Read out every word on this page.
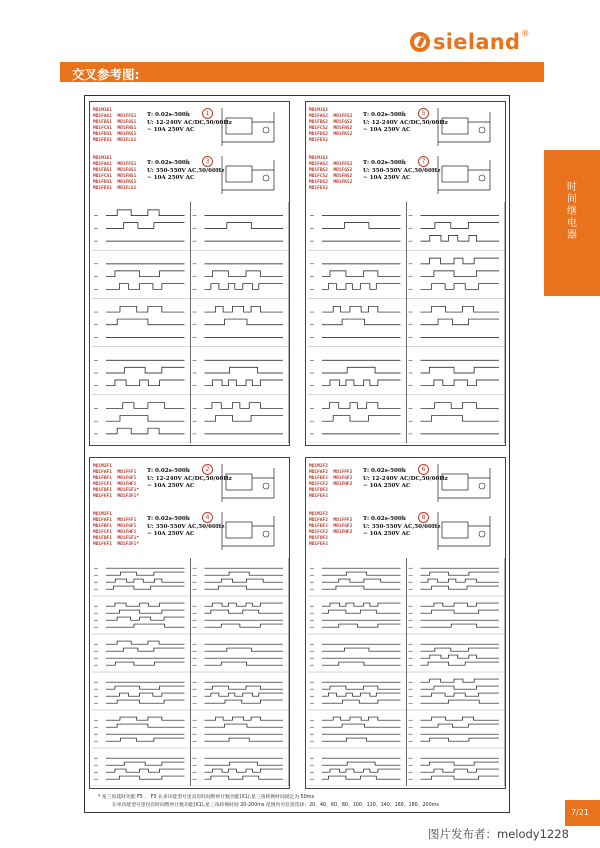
sieland ®
交叉参考图:
时间继电器
MD1M1E1
MD1FAS1  MD1FFS1
MD1FBS1  MD1FGS1
MD1FCS1  MD1FHS1
MD1FDS1  MD1FKS1
MD1FES1  MD1FLS1
T: 0.02s-500h
U: 12-240V AC/DC,50/60Hz
~ 10A 250V AC
1
MD1M1E1
MD1FAS1  MD1FFS1
MD1FBS1  MD1FGS1
MD1FCS1  MD1FHS1
MD1FDS1  MD1FKS1
MD1FES1  MD1FLS1
T: 0.02s-500h
U: 350-550V AC,50/60Hz
~ 10A 250V AC
3
MD1M1S2
MD1FAS2  MD1FFS2
MD1FBS2  MD1FGS2
MD1FCS2  MD1FHS2
MD1FDS2  MD1FKS2
MD1FES2
T: 0.02s-500h
U: 12-240V AC/DC,50/60Hz
~ 10A 250V AC
5
MD1M1S2
MD1FAS2  MD1FFS2
MD1FBS2  MD1FGS2
MD1FCS2  MD1FHS2
MD1FDS2  MD1FKS2
MD1FES2
T: 0.02s-500h
U: 350-550V AC,50/60Hz
~ 10A 250V AC
7
MD1M2F1
MD1FAF1  MD1FFF1
MD1FBF1  MD1FGF1
MD1FCF1  MD1FHF1
MD1FDF1  MD1F5F1*
MD1FEF1  MD1F3F1*
T: 0.02s-500h
U: 12-240V AC/DC,50/60Hz
~ 10A 250V AC
2
MD1M2F1
MD1FAF1  MD1FFF1
MD1FBF1  MD1FGF1
MD1FCF1  MD1FHF1
MD1FDF1  MD1F5F1*
MD1FEF1  MD1F3F1*
T: 0.02s-500h
U: 350-550V AC,50/60Hz
~ 10A 250V AC
4
MD1M2F2
MD1FAF2  MD1FFF2
MD1FBF2  MD1FGF2
MD1FCF2  MD1FHF2
MD1FDF2
MD1FEF2
T: 0.02s-500h
U: 12-240V AC/DC,50/60Hz
~ 10A 250V AC
6
MD1M2F2
MD1FAF2  MD1FFF2
MD1FBF2  MD1FGF2
MD1FCF2  MD1FHF2
MD1FDF2
MD1FEF2
T: 0.02s-500h
U: 350-550V AC,50/60Hz
~ 10A 250V AC
8
* 星三角延时功能 F5 、 F3 在多功能型号里具有时间暂停计数功能(X1),星三角转换时间固定为 50ms
在单功能型号里仅有时间暂停计数功能(X1),星三角转换时间 20-200ms 范围内可任意选择：20、40、60、80、100、120、140、160、180、200ms
7/21
图片发布者：melody1228
